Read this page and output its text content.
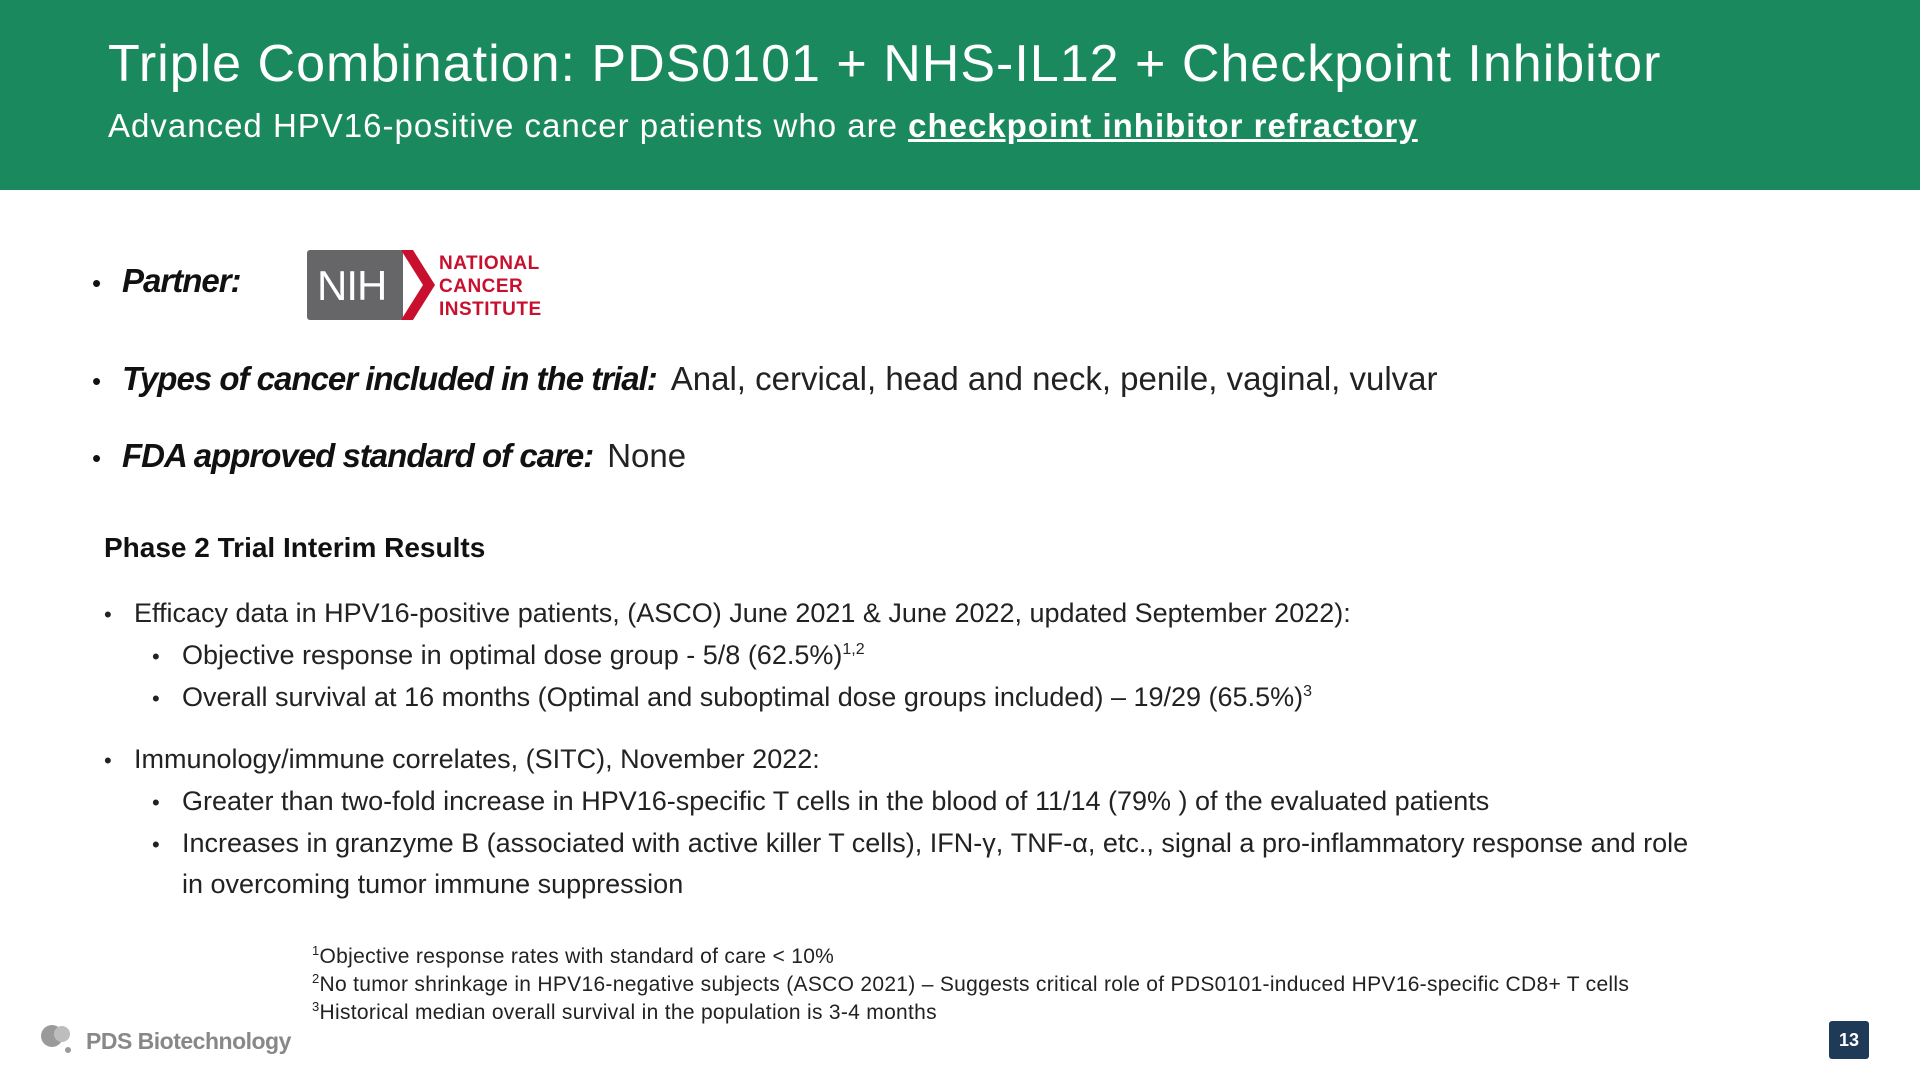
Triple Combination: PDS0101 + NHS-IL12 + Checkpoint Inhibitor
Advanced HPV16-positive cancer patients who are checkpoint inhibitor refractory
• Partner: NIH	NATIONAL
CANCER
INSTITUTE
• Types of cancer included in the trial: Anal, cervical, head and neck, penile, vaginal, vulvar
• FDA approved standard of care: None
Phase 2 Trial Interim Results
• Efficacy data in HPV16-positive patients, (ASCO) June 2021 & June 2022, updated September 2022):
• Objective response in optimal dose group - 5/8 $(62.5\%)^{1,2}$
• Overall survival at 16 months (Optimal and suboptimal dose groups included) – 19/29 $(65.5\%)^3$
• Immunology/immune correlates, (SITC), November 2022:
• Greater than two-fold increase in HPV16-specific T cells in the blood of 11/14 (79% ) of the evaluated patients
• Increases in granzyme B (associated with active killer T cells), IFN-γ, TNF-α, etc., signal a pro-inflammatory response and role
in overcoming tumor immune suppression
$^1$Objective response rates with standard of care < 10%
$^2$No tumor shrinkage in HPV16-negative subjects (ASCO 2021) – Suggests critical role of PDS0101-induced HPV16-specific CD8+ T cells
$^3$Historical median overall survival in the population is 3-4 months
PDS Biotechnology	13
